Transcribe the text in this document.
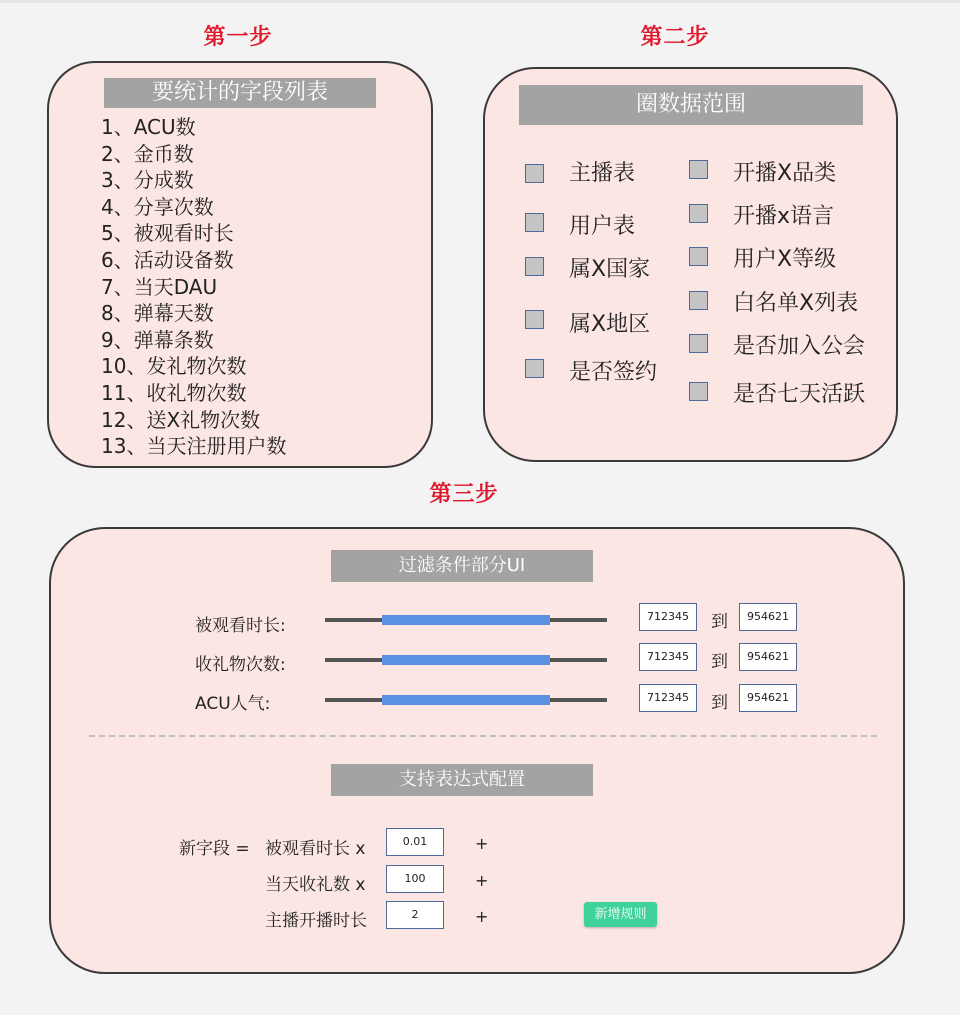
第一步	第二步
第三步
要统计的字段列表
1、ACU数
2、金币数
3、分成数
4、分享次数
5、被观看时长
6、活动设备数
7、当天DAU
8、弹幕天数
9、弹幕条数
10、发礼物次数
11、收礼物次数
12、送X礼物次数
13、当天注册用户数
圈数据范围
主播表
用户表
属X国家
属X地区
是否签约
开播X品类
开播x语言
用户X等级
白名单X列表
是否加入公会
是否七天活跃
过滤条件部分UI
被观看时长:	712345	到	954621
收礼物次数:	712345	到	954621
ACU人气:	712345	到	954621
支持表达式配置
新字段 = 被观看时长 x	0.01	+
当天收礼数 x	100	+
主播开播时长	2	+	新增规则
